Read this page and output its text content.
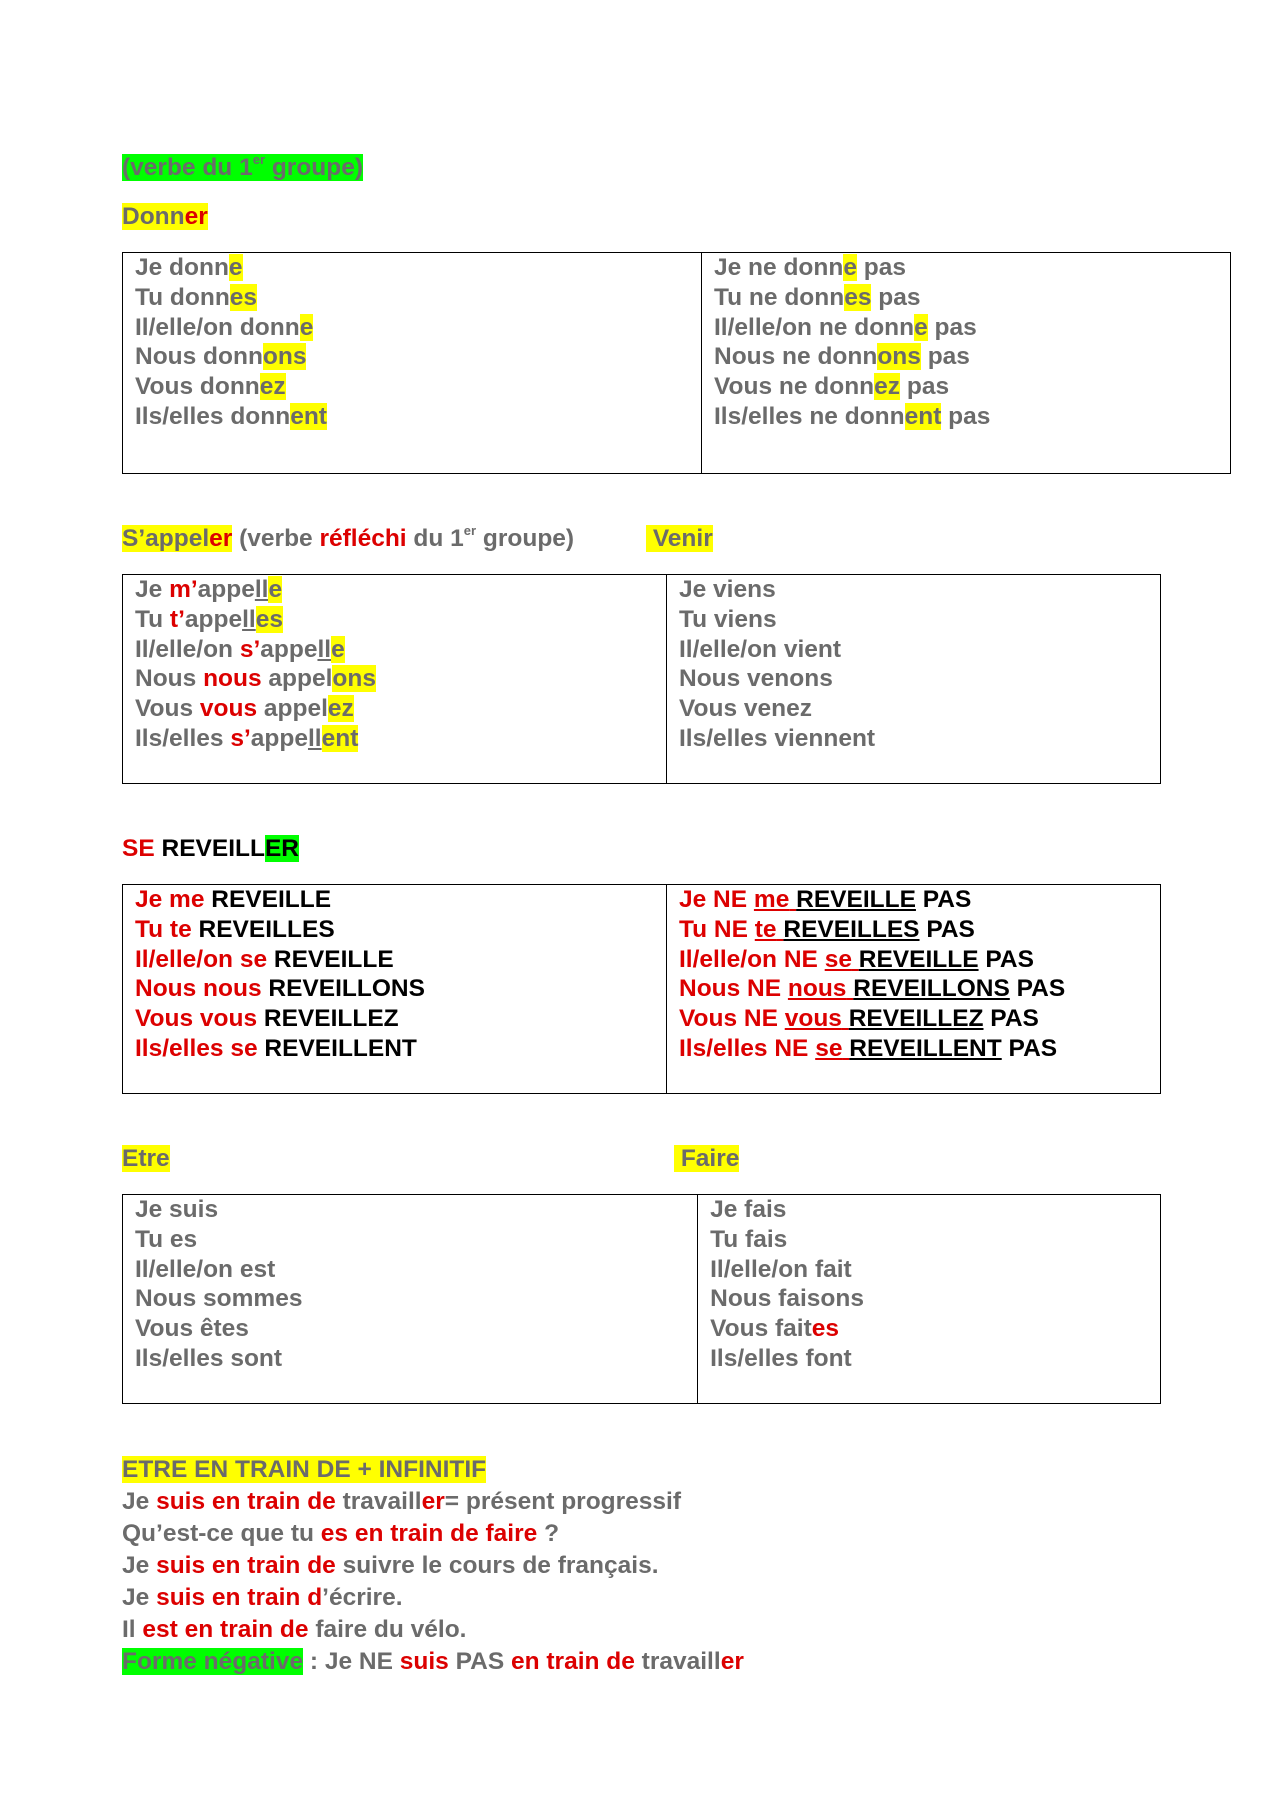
(verbe du 1er groupe)
Donner
Je donne
Tu donnes
Il/elle/on donne
Nous donnons
Vous donnez
Ils/elles donnent

Je ne donne pas
Tu ne donnes pas
Il/elle/on ne donne pas
Nous ne donnons pas
Vous ne donnez pas
Ils/elles ne donnent pas
S’appeler (verbe réfléchi du 1er groupe)	Venir
Je m’appelle
Tu t’appelles
Il/elle/on s’appelle
Nous nous appelons
Vous vous appelez
Ils/elles s’appellent

Je viens
Tu viens
Il/elle/on vient
Nous venons
Vous venez
Ils/elles viennent
SE REVEILLER
Je me REVEILLE
Tu te REVEILLES
Il/elle/on se REVEILLE
Nous nous REVEILLONS
Vous vous REVEILLEZ
Ils/elles se REVEILLENT

Je NE me REVEILLE PAS
Tu NE te REVEILLES PAS
Il/elle/on NE se REVEILLE PAS
Nous NE nous REVEILLONS PAS
Vous NE vous REVEILLEZ PAS
Ils/elles NE se REVEILLENT PAS
Etre	Faire
Je suis
Tu es
Il/elle/on est
Nous sommes
Vous êtes
Ils/elles sont

Je fais
Tu fais
Il/elle/on fait
Nous faisons
Vous faites
Ils/elles font
ETRE EN TRAIN DE + INFINITIF
Je suis en train de travailler= présent progressif
Qu’est-ce que tu es en train de faire ?
Je suis en train de suivre le cours de français.
Je suis en train d’écrire.
Il est en train de faire du vélo.
Forme négative : Je NE suis PAS en train de travailler
